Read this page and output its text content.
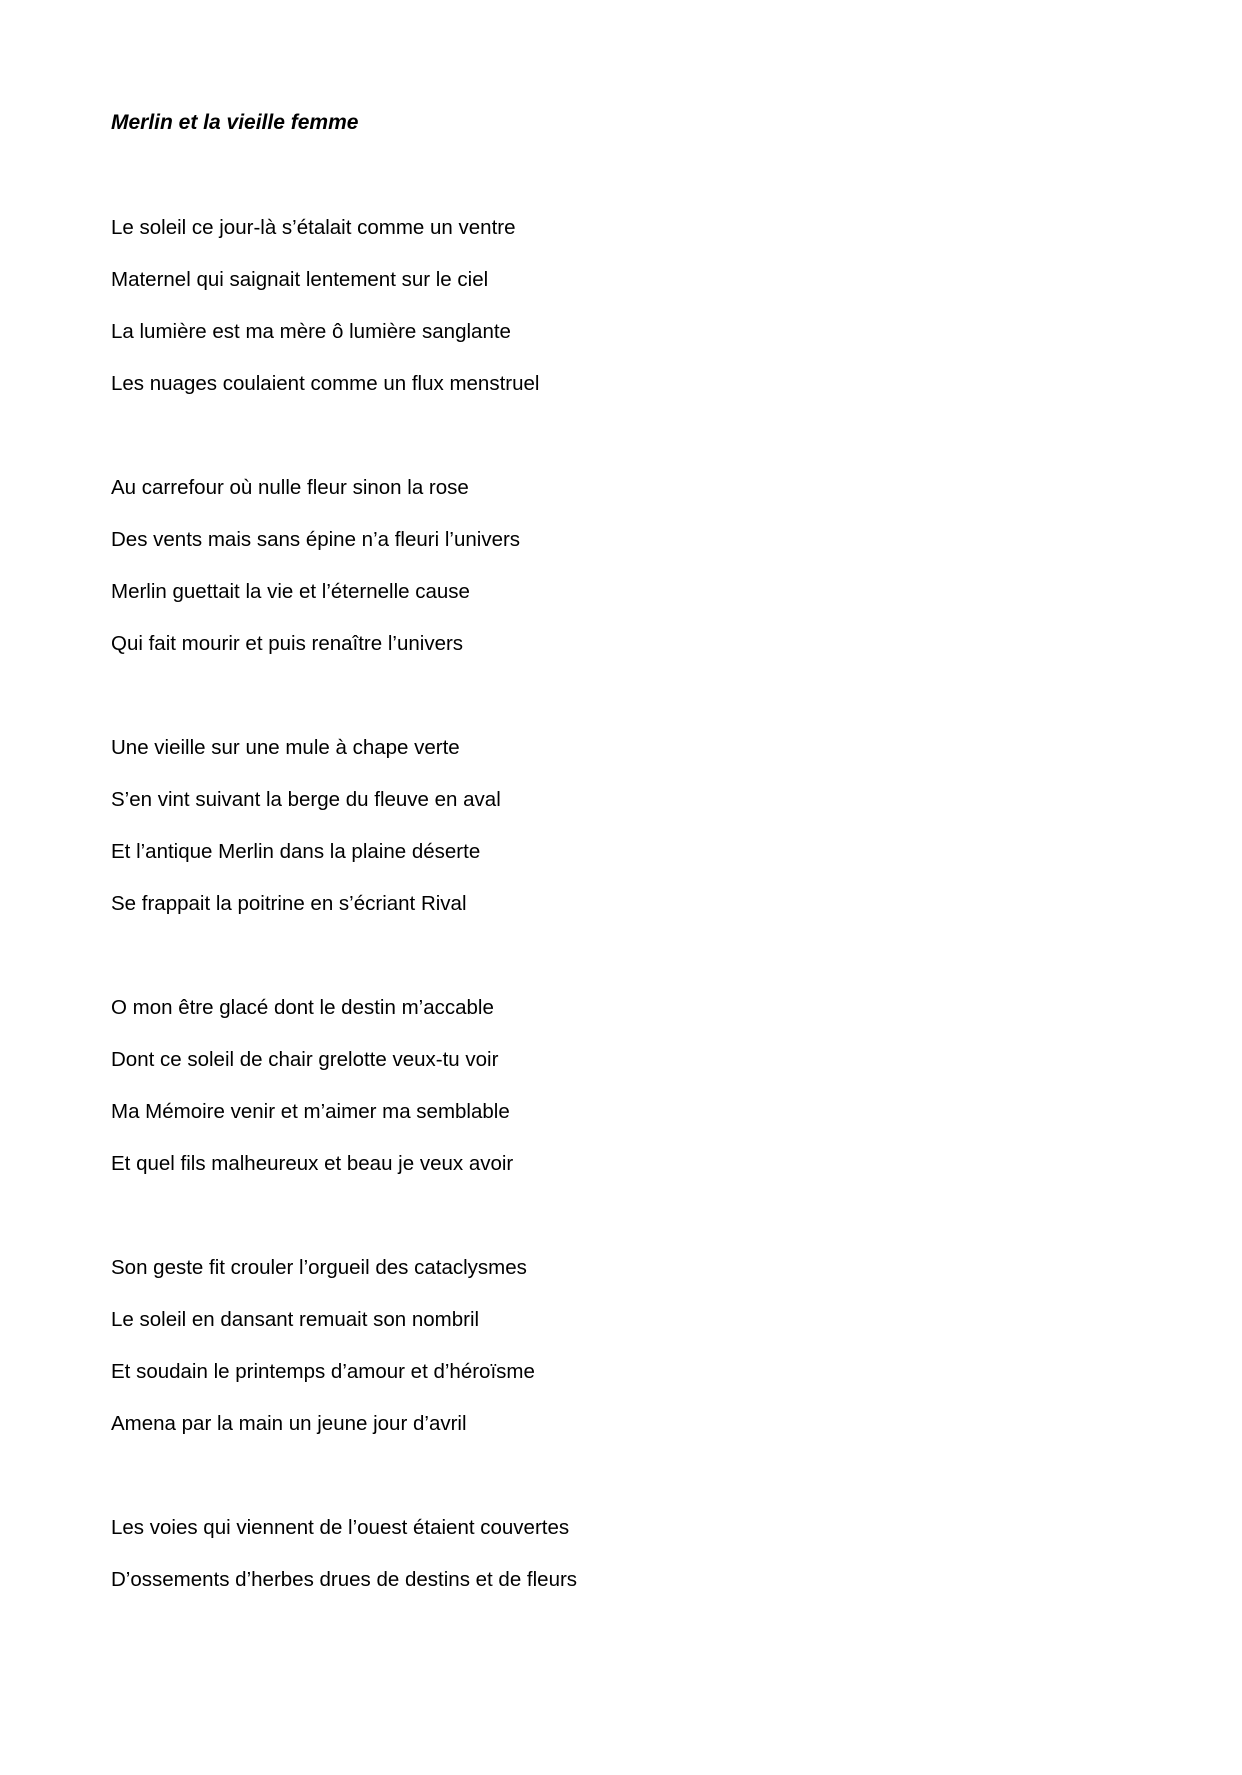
Merlin et la vieille femme
Le soleil ce jour-là s’étalait comme un ventre
Maternel qui saignait lentement sur le ciel
La lumière est ma mère ô lumière sanglante
Les nuages coulaient comme un flux menstruel
Au carrefour où nulle fleur sinon la rose
Des vents mais sans épine n’a fleuri l’univers
Merlin guettait la vie et l’éternelle cause
Qui fait mourir et puis renaître l’univers
Une vieille sur une mule à chape verte
S’en vint suivant la berge du fleuve en aval
Et l’antique Merlin dans la plaine déserte
Se frappait la poitrine en s’écriant Rival
O mon être glacé dont le destin m’accable
Dont ce soleil de chair grelotte veux-tu voir
Ma Mémoire venir et m’aimer ma semblable
Et quel fils malheureux et beau je veux avoir
Son geste fit crouler l’orgueil des cataclysmes
Le soleil en dansant remuait son nombril
Et soudain le printemps d’amour et d’héroïsme
Amena par la main un jeune jour d’avril
Les voies qui viennent de l’ouest étaient couvertes
D’ossements d’herbes drues de destins et de fleurs
